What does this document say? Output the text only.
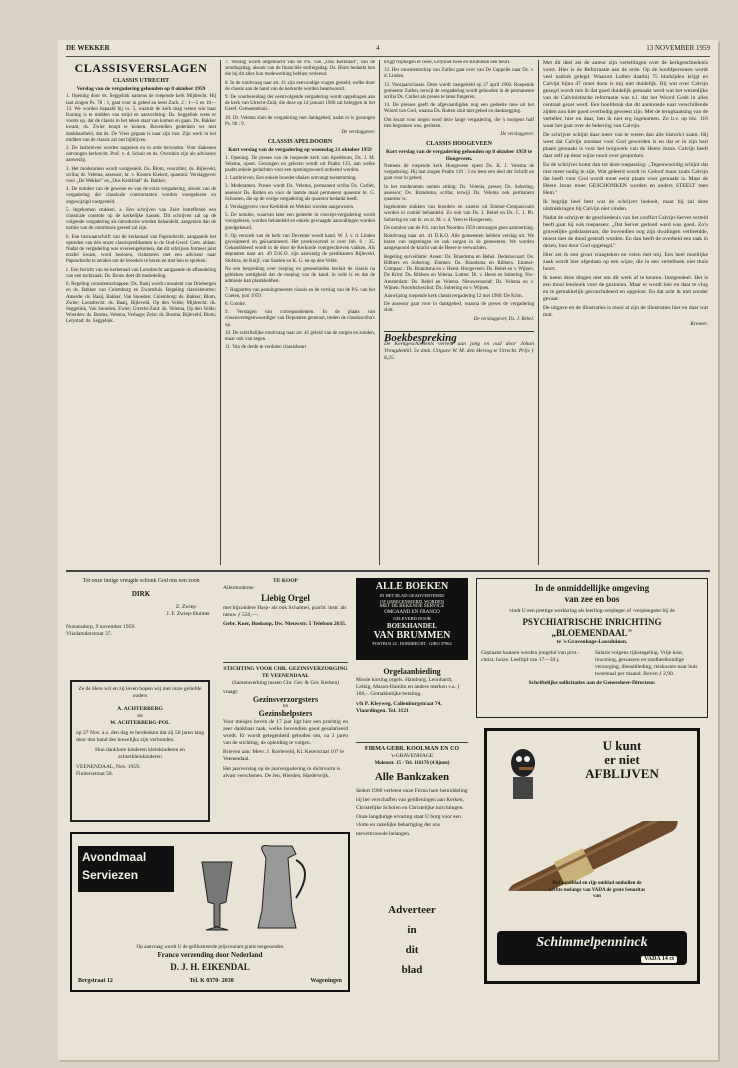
DE WEKKER	4	13 NOVEMBER 1959
CLASSISVERSLAGEN
CLASSIS UTRECHT
Verslag van de vergadering gehouden op 8 oktober 1959

1. Opening door ds. Seggelink namens de roepende kerk Mijdrecht. Hij laat zingen Ps. 78 : 1, gaat voor in gebed en leest Zach. 2 : 1—5 en 10—13. We worden bepaald bij vs. 5, waaruit de kerk mag weten wie haar Koning is te midden van strijd en aanvechting. Ds. Seggelink wees er voorts op, dat de classis in het teken staat van komen en gaan. Ds. Bakker kwam, ds. Zwier hoopt te komen. Bovendien gedenken we met dankbaarheid, dat ds. De Vries gegaan is naar zijn rust. Zijn werk in het midden van de classis zal ons bijblijven.

2. De lastbrieven worden nagezien en in orde bevonden. Voor diakenen ontvangen kerkrecht. Prof. v. d. Schuit en ds. Overduin zijn als adviseurs aanwezig.

3. Het moderamen wordt vastgesteld. Ds. Blom, voorzitter; ds. Bijleveld, scriba; dr. Velema, assessor; br. v. Kooten Kiekert, quaestor. Verslaggever voor „De Wekker" en „Ons Kerkblad" ds. Bakker.

4. De notulen van de gewone en van de extra vergadering, alsook van de vergadering der classicale contractanten worden voorgelezen en ongewijzigd vastgesteld.

5. Ingekomen stukken. a. Een schrijven van Zeist betreffende een classicale controle op de kerkelijke kassen. Dit schrijven zal op de volgende vergadering als introductie worden behandeld, aangezien dan de notitie van de commissie gereed zal zijn.

b. Een bezwaarschrift van de kerkeraad van Papendrecht, aangaande het optreden van één onzer classispredikanten in de Oud-Geref. Gem. aldaar. Nadat de vergadering was overeengekomen, dat dit schrijven formeel juist terafel kwam, word besloten, visitatoren met een adviseur naar Papendrecht te zenden om de broeders te horen en met hen te spreken.

c. Een bericht van de kerkeraad van Loosdrecht aangaande de afhandeling van een tuchtzaak. Ds. Brons doet dit mededeling.

6. Regeling consulentschappen: Ds. Baaij wordt consulent van Driebergen en ds. Bakker van Culemborg en Zwartsluis. Regeling classisbeurten: Amerde: ds. Baaij, Bakker, Van Snoeden; Culemborg: ds. Bakker, Blom, Zwier; Loosdrecht: ds. Baaij, Bijleveld, Op den Velde; Mijdrecht: ds. Seggelink, Van Snoeden, Zwier; Utrecht-Zuid: ds. Velema, Op den Velde; Woerden: ds. Bosma, Velema, Verhage; Zeist: ds. Bosma, Bijleveld, Blom; Lelystad: ds. Seggelink.

7. Verslag wordt uitgebracht van de P.S. van „Ons Kerkblad", van de zendingsdag, alsook van de financiële stellingsdag. Ds. Blom bedankt hen die bij dit alles hun medewerking hebben verleend.

8. In de rondvraag naar art. 41 zijn eenvoudige vragen gesteld, welke door de classis aan de hand van de kerkorde worden beantwoord.

9. De voorbereiding der eerstvolgende vergadering wordt opgedragen aan de kerk van Utrecht-Zuid, die deze op 14 januari 1960 zal beleggen in het Geref. Gemeentehuis.

10. Dr. Velema sluit de vergadering met dankgebed, nadat er is gezongen Ps. 90 : 9.

De verslaggever.

CLASSIS APELDOORN
Kort verslag van de vergadering op woensdag 21 oktober 1959

1. Opening. De preses van de roepende kerk van Apeldoorn, Ds. J. M. Velema, opent. Gezongen en gelezen wordt uit Psalm 133, aan welke psalm enkele gedachten voor een openingswoord ontleend worden.

2. Lastbrieven. Een enkele broeder-diaken ontvangt toestemming.

3. Moderamen. Preses wordt Ds. Velema, permanent scriba Ds. Carlier, assessor Ds. Rutten en voor de laatste maal permanent quaestor br. G. Schouten, die op de vorige vergadering als quaestor bedankt heeft.

4. Verslaggevers voor Kerkblok en Wekker worden aangewezen.

5. De notulen, waarvan later een gedeelte in concept-vergadering wordt voorgelezen, worden behandeld en enkele gevraagde aanvullingen worden goedgekeurd.

6. Op verzoek van de kerk van Deventer wordt kand. W. J. v. d. Linden gecoöpteerd en geëxamineerd. Het preekvoorstel is over Joh. 6 : 35. Gekandideerd wordt in de door de Kerkorde voorgeschreven vakken. Als deputaten naar art. 49 D.K.O. zijn aanwezig de predikanten Bijleveld, Slofstra, de Knijf, van Sanden en K. G. en op den Velde.

Na een bespreking over roeping en geneenheden besluit de classis na gebleken wettigheid dat de roeping van de kand. in orde is en dat de admissie kan plaatshebben.

7. Rapporten van penningmeester classis en de verslag van de P.S. van het Coelen, juni 1959.

8. Comité.

9. Verslagen van correspondenten. In de plaats van classisvertegenwoordiger van Deputaten generaal, treden de classisscriba's op.

10. De schriftelijke rondvraag naar art. 41 geleid van de zorgen en zonden, maar ook van zegen.

11. Van de derde te verdelen classisbeurt

krijgt Nijmegen er twee, Lelystad twee en Brummen één beurt.

12. Het consulentschap van Zutfen gaat over van De Cappelle naar Ds. v. d. Linden.

13. Voorjaarsclassis. Deze wordt vastgesteld op 27 april 1960. Roepende gemeente Zutfen, terwijl de vergadering wordt gehouden in de permanente scriba Ds. Carlier als preses te laten fungeren.

14. De presses geeft de afgevaardigden nog een gedeelte mee uit het Woord van God, waarna Ds. Rutten sluit met gebed en dankzegging.

Om kwart voor negen werd deze lange vergadering, die 's morgens half tien begonnen was, gesloten.

De verslaggever.

CLASSIS HOOGEVEEN
Kort verslag van de vergadering gehouden op 8 oktober 1959 te Hoogeveen.

Namens de roepende kerk Hoogeveen opent Ds. K. J. Velema de vergadering. Hij laat zingen Psalm 119 : 3 en leest een deel der Schrift en gaat voor in gebed.

In het moderamen nemen zitting: Ds. Velema, preses; Ds. Sobering, assessor; Ds. Brandsma, scriba; terwijl Ds. Velema ook permanent quaestor is.

Ingekomen stukken van broeders en zusters uit Emmer-Compascuum worden in comité behandeld. Zo ook van Ds. J. Bebel en Ds. C. J. Ph. Sobering en van br. en zr. M. v. d. Veen te Hoogeveen.

De notulen van de P.S. van het Noorden 1959 ontvangen geen aanmerking.

Rondvraag naar art. 41 D.K.O. Alle gemeenten hebben verslag uit. We horen van zegeningen en ook zorgen in de gemeenten. We worden aangespoord de kracht van de Heere te verwachten.

Regeling surveillatie: Assen: Ds. Brandsma en Bebel. Dedemsvaart: Ds. Ribbers en Sobering. Emmen: Ds. Brandsma en Ribbers. Emmer-Compasc.: Ds. Brandsma en v. Heest. Hoogeveen: Ds. Bebel en v. Wijnen. De Krim: Ds. Ribbers en Velema. Lutten: Di. v. Heest en Sobering. Nw-Amsterdam: Ds. Bebel en Velema. Nieuwerozend: Ds. Velema en v. Wijnen. Noordscheschut: Ds. Sobering en v. Wijnen.

Aanwijzing roepende kerk classisvergadering 12 mei 1960: De Krim.

De assessor gaat voor in dankgebed, waarna de preses de vergadering sluit.

De verslaggever, Ds. J. Bebel.

Boekbespreking

De Kerkgeschiedenis verteld aan jong en oud door Johan Vreugdenhil. 5e dmk. Uitgave W. M. den Hertog te Utrecht. Prijs ƒ 8,25.

Met dit deel zet de auteur zijn vertellingen over de kerkgeschiedenis voort. Hier is de Reformatie aan de orde. Op de hoofdpersonen wordt veel nadruk gelegd. Waarom Luther daarbij 75 bladzijden krijgt en Calvijn bijna 47 moet doen is mij niet duidelijk. Bij wat over Calvijn gezegd wordt mis ik dat goed duidelijk gemaakt werd wat het wezenlijke van de Calvinistische reformatie was n.l. dat het Woord Gods in alles centraal gezet werd. Een hoofdstuk dat dit aantoonde naar verschillende zijden zou hier goed overbodig geweest zijn. Met de terugkaatsing van de verteller, hier en daar, ben ik niet erg ingenomen. Zo b.v. op blz. 116 waar het gaat over de bekering van Calvijn.

De schrijver schijnt daar meer van te weten dan alle historici saam. Hij weet dat Calvijn zondaar voor God geworden is en dat er in zijn hart plaats gemaakt is voor het borgwerk van de Heere Jezus. Calvijn heeft daar zelf op deze wijze nooit over gesproken.

En de schrijver komt dan tot deze toepassing: „Tegenwoordig schijnt dat niet meer nodig te zijn. Wat geleerd wordt is: Geloof maar zoals Calvijn dat heeft voor God wordt moet eerst plaats voor gemaakt is. Maar de Heere Jezus moet GESCHONKEN worden en anders STEELT men Hem."

Ik begrijp heel best wat de schrijver bedoelt, maar bij zal deze uitdrukkingen bij Calvijn niet vinden.

Nadat de schrijver de geschiedenis van het conflict Calvijn-Servet verteld heeft gaat hij ook toepassen: „Dat Servet gedood werd was goed. Zo'n gruwelijke godslasteraar, die bovendien nog zijn dwalingen verbreidde, moest met de dood gestraft worden. En dan heeft de overheid een taak in dezen, hun door God opgelegd."

Hier zet ik een groot vraagteken en velen met mij. Een heel moeilijke zaak wordt hier afgedaan op een wijze, die in een vertelboek niet thuis hoort.

Ik neem deze dingen niet om dit werk af te keuren. Integendeel. Het is een mooi leesboek voor de gezinnen. Maar er wordt hier en daar te vlug en te gemakkelijk geconcludeerd en opgelost. En dat acht ik niet zonder gevaar.

De uitgave en de illustraties is mooi al zijn de illustraties hier en daar wat mat.

Kremer.

Tot onze innige vreugde schonk God ons een zoon
DIRK
Z. Zwiep
J. F. Zwiep-Sluimer
Nunansdorp, 9 november 1959.
Vlisdamderstraat 37.
Ze de Here wil en zij leven hopen wij met onze geliefde ouders
A. ACHTERBERG
en
W. ACHTERBERG-POL
op 27 Nov. a.s. den dag te herdenken dat zij 50 jaren lang door den band des huwelijks zijn verbonden.
Hun dankbare kinderen kleinkinderen en achterkleinkinderen
VEENENDAAL, Nov. 1959.
Fluitersstraat 58.
TE KOOP
Allermoderne
Liebig Orgel
met bijzondere Harp- als ook Schalmei, pracht. instr. als nieuw ƒ 550,—.
Gebr. Koer, Boskoop, Dw. Nieuwstr. 5 Telefoon 2635.
STICHTING VOOR CHR. GEZINSVERZORGING TE VEENENDAAL
(Samenwerking tussen Chr. Ger. & Ger. Kerken)
vraagt:
Gezinsverzorgsters
en
Gezinshelpsters
Voor meisjes boven de 17 jaar ligt hier een prachtig en zeer dankbaar taak, welke bovendien goed gesalarieerd wordt. Er wordt gelegenheid geboden om, na 2 jaren van de stichting, de opleiding te volgen.
Brieven aan: Mevr. J. Roeleveld, Kl. Keterstraat 107 te Veenendaal.
Het jaarverslag op de jaarvergadering in dichtvorm is alvast verschenen. De Jeu, Hierden, Harderwijk.
ALLE BOEKEN
IN HET BLAD GEADVERTEERD
OF GERECENSEERD, WORDEN
MET DE BEKENDE SERVICE
OMGAAND EN FRANCO
GELEVERD DOOR
BOEKHANDEL
VAN BRUMMEN
POSTBUS 24 . DORDRECHT . GIRO 37962
Orgelaanbieding
Mooie korting orgels. Hamburg, Leonhardt, Leikig, Mason-Hamlin en andere merken v.a. ƒ 100,-. Gemakkelijke betaling.
v/h P. Kleyweg, Callenburgstraat 74, Vlaardingen. Tel. 3121
FIRMA GEBR. KOOLMAN EN CO
's-GRAVENHAGE
Molenstr. 15 - Tel. 116176 (4 lijnen)
Alle Bankzaken
Sedert 1900 verleent onze Firma hare bemiddeling bij het verschaffen van geldleningen aan Kerken, Christelijke Scholen en Christelijke inrichtingen. Onze langdurige ervaring staat U borg voor een vlotte en zakelijke behartiging der ons toevertrouwde belangen.
Adverteer
in
dit
blad
In de onmiddellijke omgeving
van zee en bos
vindt U een prettige werkkring als leerling-verpleger of -verpleegster bij de
PSYCHIATRISCHE INRICHTING
„BLOEMENDAAL"
te 's-Gravenhage-Loosduinen.
Geplaatst kunnen worden jongelui van prot.-christ. huize. Leeftijd van 17—30 j.
Salaris volgens rijksregeling. Vrije kost, inwoning, gewassen en tandheelkundige verzorging, dienstkleding, reiskosten naar huis tweemaal per maand. Boven ƒ 2,90.
Schriftelijke sollicitaties aan de Geneesheer-Directeur.
U kunt
er niet
AFBLIJVEN
Rui zandblad en rijp omblad omhullen de zachte melange van VADA de grote Senoritas van
Schimmelpenninck
VADA 14 ct
Avondmaal
Serviezen
Op aanvraag wordt U de geïllustreerde prijscourant gratis toegezonden
Franco verzending door Nederland
D. J. H. EIKENDAL
Bergstraat 12	Tel. K 8370- 2038	Wageningen
